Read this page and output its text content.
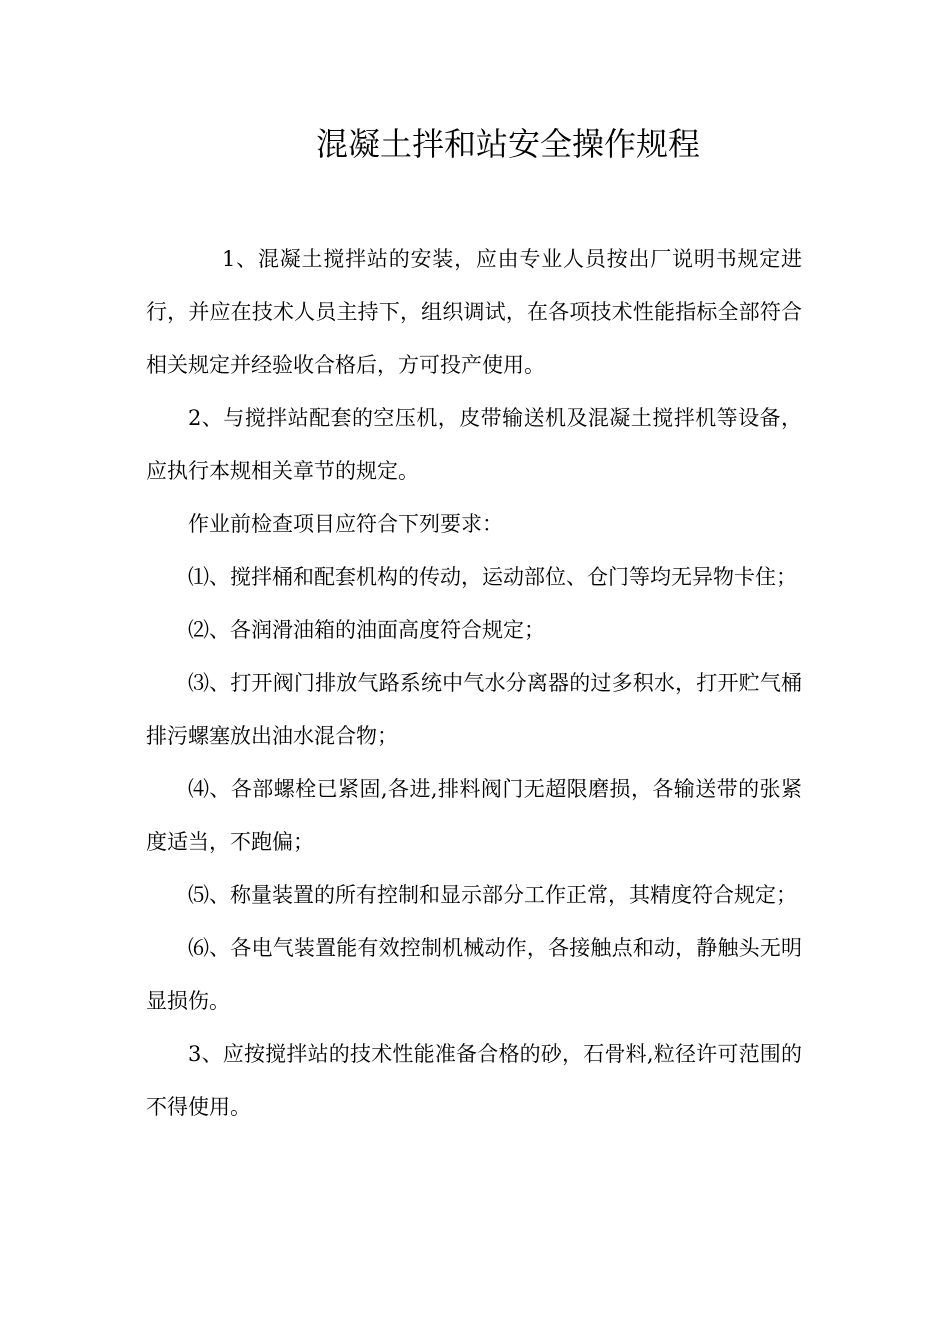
混凝土拌和站安全操作规程

1、混凝土搅拌站的安装，应由专业人员按出厂说明书规定进行，并应在技术人员主持下，组织调试，在各项技术性能指标全部符合相关规定并经验收合格后，方可投产使用。

2、与搅拌站配套的空压机，皮带输送机及混凝土搅拌机等设备，应执行本规相关章节的规定。

作业前检查项目应符合下列要求：

⑴、搅拌桶和配套机构的传动，运动部位、仓门等均无异物卡住；

⑵、各润滑油箱的油面高度符合规定；

⑶、打开阀门排放气路系统中气水分离器的过多积水，打开贮气桶排污螺塞放出油水混合物；

⑷、各部螺栓已紧固,各进,排料阀门无超限磨损，各输送带的张紧度适当，不跑偏；

⑸、称量装置的所有控制和显示部分工作正常，其精度符合规定；

⑹、各电气装置能有效控制机械动作，各接触点和动，静触头无明显损伤。

3、应按搅拌站的技术性能准备合格的砂，石骨料,粒径许可范围的不得使用。
